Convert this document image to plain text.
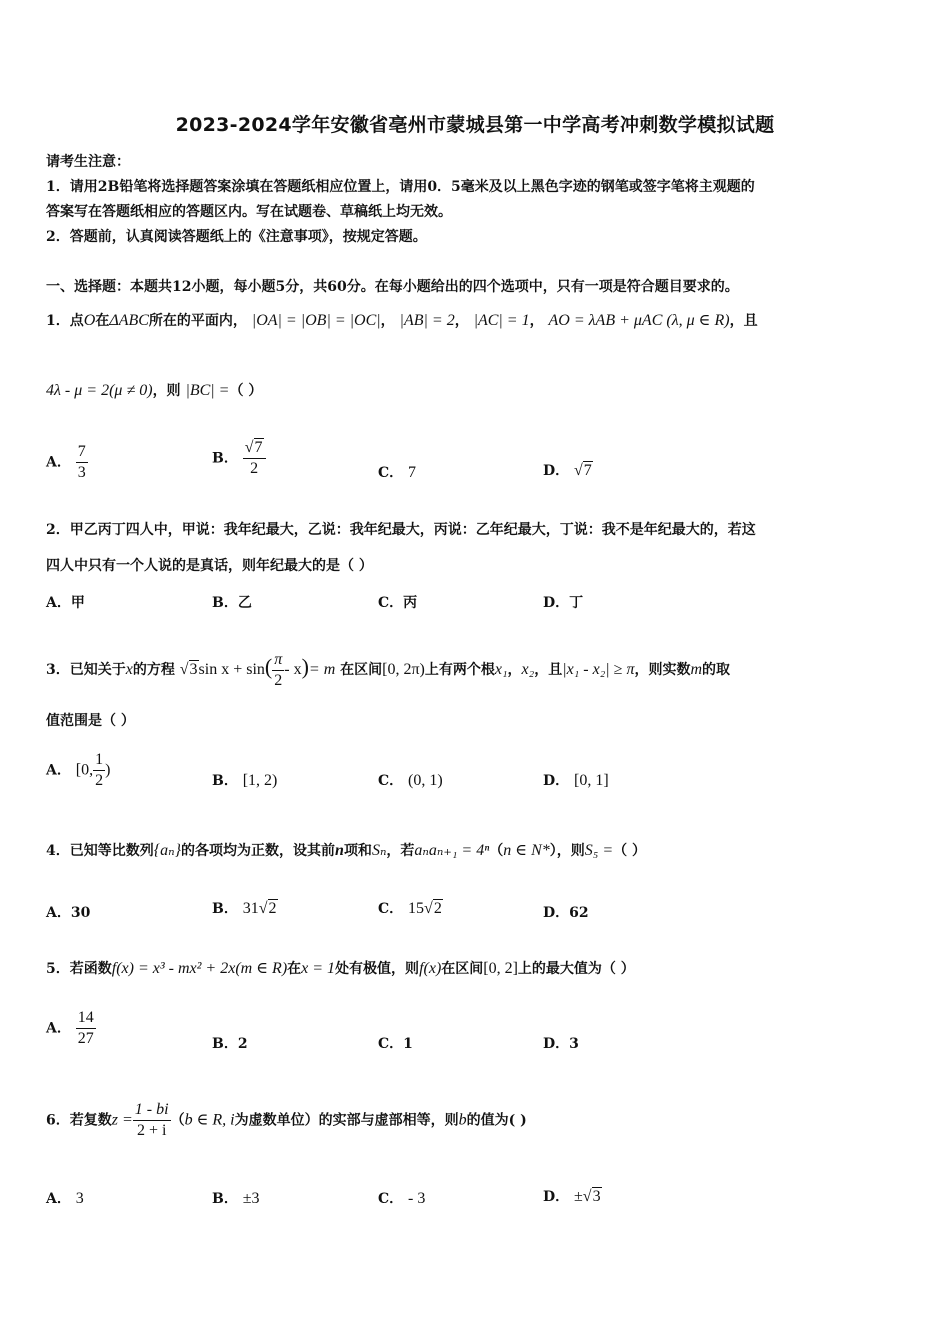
2023-2024学年安徽省亳州市蒙城县第一中学高考冲刺数学模拟试题
请考生注意：
1．请用2B铅笔将选择题答案涂填在答题纸相应位置上，请用0．5毫米及以上黑色字迹的钢笔或签字笔将主观题的
答案写在答题纸相应的答题区内。写在试题卷、草稿纸上均无效。
2．答题前，认真阅读答题纸上的《注意事项》，按规定答题。
一、选择题：本题共12小题，每小题5分，共60分。在每小题给出的四个选项中，只有一项是符合题目要求的。
1．点O在ΔABC所在的平面内， |OA| = |OB| = |OC|， |AB| = 2， |AC| = 1， AO = λAB + μAC (λ, μ ∈ R)，且
4λ - μ = 2(μ ≠ 0)，则 |BC| =（ ）
A． $\frac{7}{3}$	B． $\frac{√7}{2}$	C． 7	D． √7
2．甲乙丙丁四人中，甲说：我年纪最大，乙说：我年纪最大，丙说：乙年纪最大，丁说：我不是年纪最大的，若这
四人中只有一个人说的是真话，则年纪最大的是（ ）
A．甲	B．乙	C．丙	D．丁
3．已知关于x的方程 √3sin $x + \sin( \frac{\pi}{2} - x)= m$ 在区间[0, 2π)上有两个根x₁，x₂，且|x₁ - x₂| ≥ π，则实数m的取
值范围是（ ）
A． [0, $\frac{1}{2}$ )
B． [1, 2)	C． (0, 1)	D． [0, 1]
4．已知等比数列{aₙ}的各项均为正数，设其前n项和Sₙ，若aₙaₙ₊₁ = 4ⁿ（n ∈ N*），则S₅ =（ ）
A．30	B． 31√2	C． 15√2	D．62
5．若函数f(x) = x³ - mx² + 2x(m ∈ R)在x = 1处有极值，则f(x)在区间[0, 2]上的最大值为（ ）
A． $\frac{14}{27}$	B．2	C．1	D．3
6．若复数$z = \frac{1 - bi}{2 + i} (b$ ∈ R, i为虚数单位）的实部与虚部相等，则b的值为( )
A． 3	B． ±3	C． - 3	D． ±√3
